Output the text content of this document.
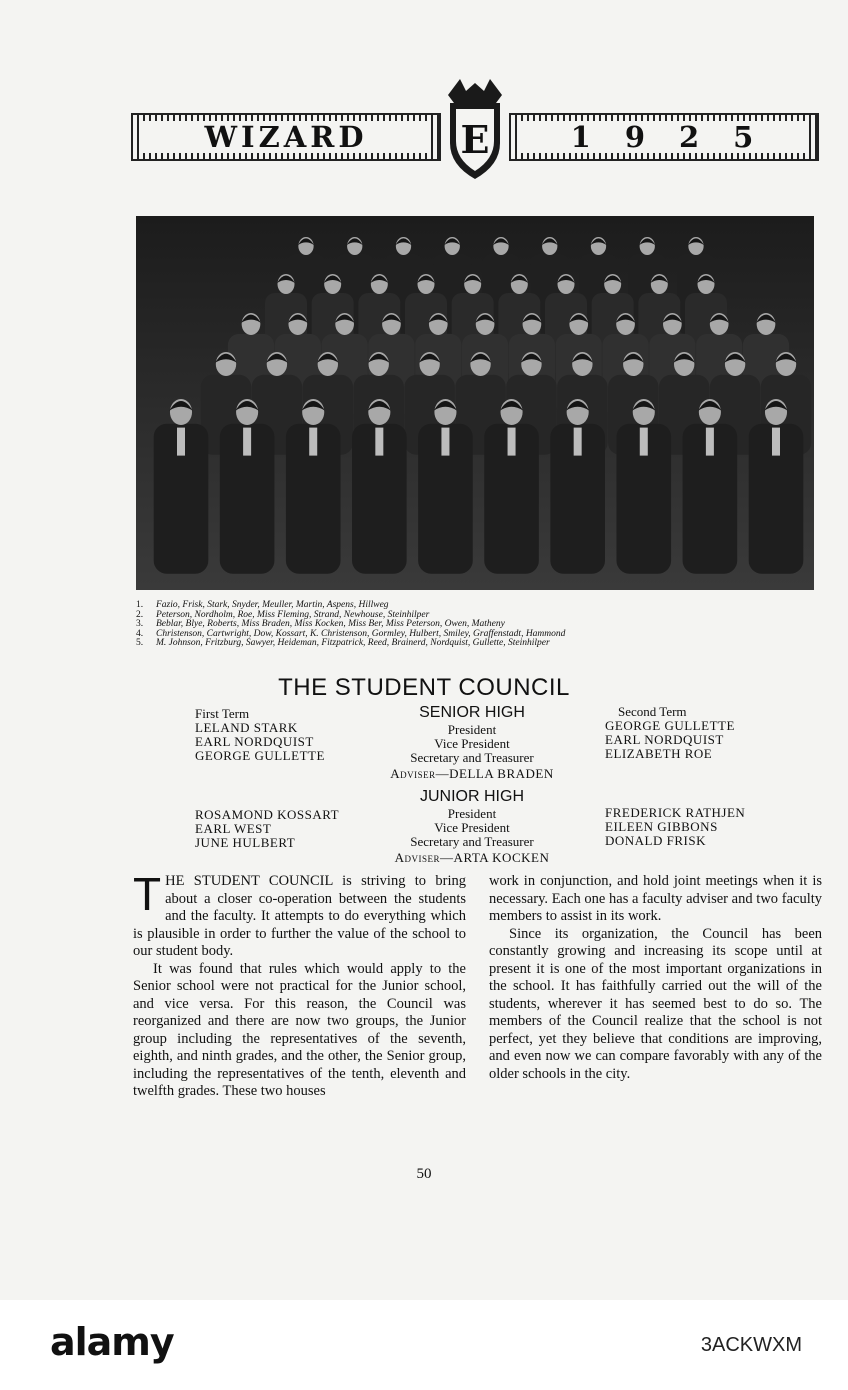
WIZARD	1925
E
1. Fazio, Frisk, Stark, Snyder, Meuller, Martin, Aspens, Hillweg
2. Peterson, Nordholm, Roe, Miss Fleming, Strand, Newhouse, Steinhilper
3. Beblar, Blye, Roberts, Miss Braden, Miss Kocken, Miss Ber, Miss Peterson, Owen, Matheny
4. Christenson, Cartwright, Dow, Kossart, K. Christenson, Gormley, Hulbert, Smiley, Graffenstadt, Hammond
5. M. Johnson, Fritzburg, Sawyer, Heideman, Fitzpatrick, Reed, Brainerd, Nordquist, Gullette, Steinhilper
THE STUDENT COUNCIL
First Term
LELAND STARK
EARL NORDQUIST
GEORGE GULLETTE
SENIOR HIGH
President
Vice President
Secretary and Treasurer
Adviser—DELLA BRADEN
Second Term
GEORGE GULLETTE
EARL NORDQUIST
ELIZABETH ROE
ROSAMOND KOSSART
EARL WEST
JUNE HULBERT
JUNIOR HIGH
President
Vice President
Secretary and Treasurer
Adviser—ARTA KOCKEN
FREDERICK RATHJEN
EILEEN GIBBONS
DONALD FRISK

THE STUDENT COUNCIL is striving to bring about a closer co-operation between the students and the faculty. It attempts to do everything which is plausible in order to further the value of the school to our student body.

It was found that rules which would apply to the Senior school were not practical for the Junior school, and vice versa. For this reason, the Council was reorganized and there are now two groups, the Junior group including the representatives of the seventh, eighth, and ninth grades, and the other, the Senior group, including the representatives of the tenth, eleventh and twelfth grades. These two houses

work in conjunction, and hold joint meetings when it is necessary. Each one has a faculty adviser and two faculty members to assist in its work.

Since its organization, the Council has been constantly growing and increasing its scope until at present it is one of the most important organizations in the school. It has faithfully carried out the will of the students, wherever it has seemed best to do so. The members of the Council realize that the school is not perfect, yet they believe that conditions are improving, and even now we can compare favorably with any of the older schools in the city.

50
alamy	3ACKWXM
